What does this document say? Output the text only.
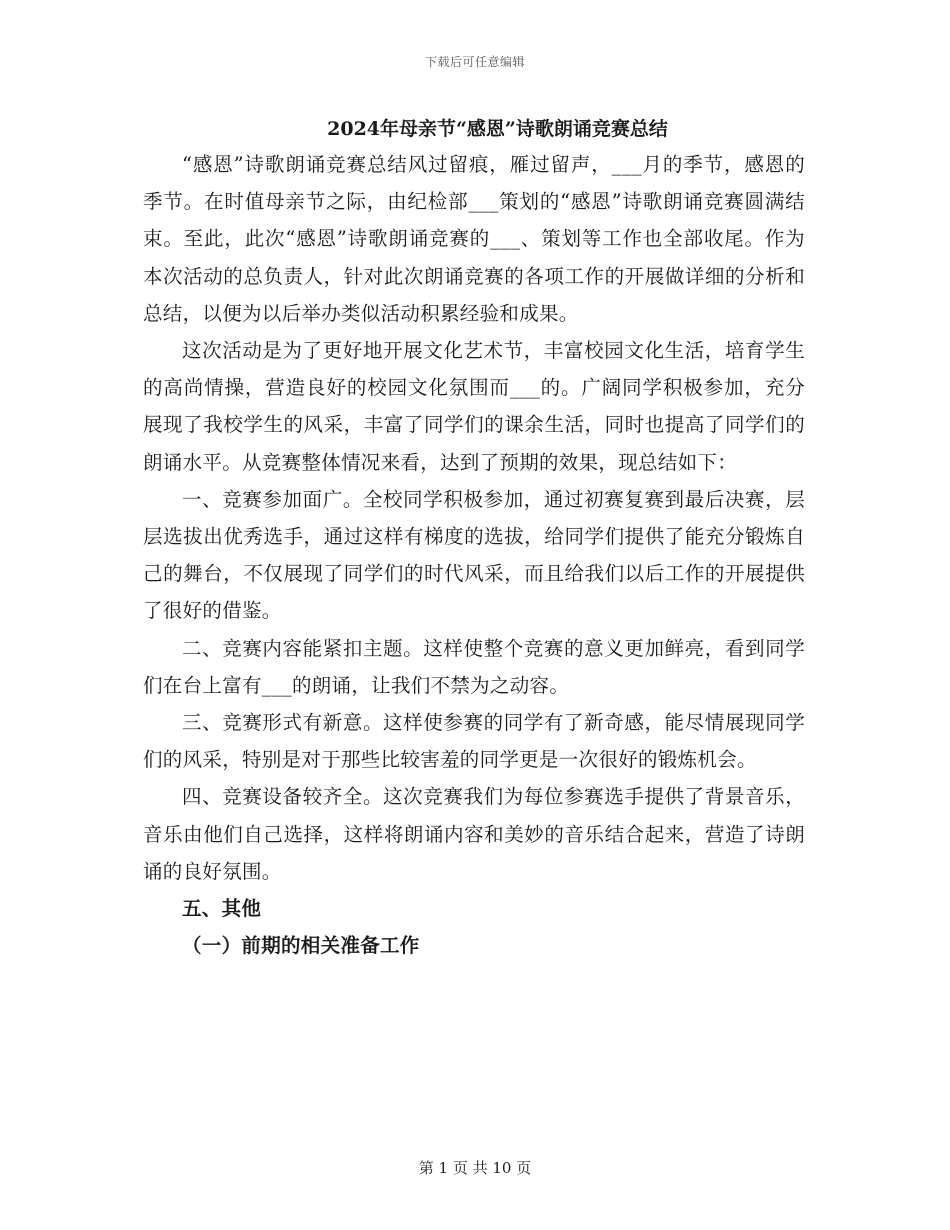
下载后可任意编辑
2024年母亲节“感恩”诗歌朗诵竞赛总结

“感恩”诗歌朗诵竞赛总结风过留痕，雁过留声，___月的季节，感恩的季节。在时值母亲节之际，由纪检部___策划的“感恩”诗歌朗诵竞赛圆满结束。至此，此次“感恩”诗歌朗诵竞赛的___、策划等工作也全部收尾。作为本次活动的总负责人，针对此次朗诵竞赛的各项工作的开展做详细的分析和总结，以便为以后举办类似活动积累经验和成果。

这次活动是为了更好地开展文化艺术节，丰富校园文化生活，培育学生的高尚情操，营造良好的校园文化氛围而___的。广阔同学积极参加，充分展现了我校学生的风采，丰富了同学们的课余生活，同时也提高了同学们的朗诵水平。从竞赛整体情况来看，达到了预期的效果，现总结如下：

一、竞赛参加面广。全校同学积极参加，通过初赛复赛到最后决赛，层层选拔出优秀选手，通过这样有梯度的选拔，给同学们提供了能充分锻炼自己的舞台，不仅展现了同学们的时代风采，而且给我们以后工作的开展提供了很好的借鉴。

二、竞赛内容能紧扣主题。这样使整个竞赛的意义更加鲜亮，看到同学们在台上富有___的朗诵，让我们不禁为之动容。

三、竞赛形式有新意。这样使参赛的同学有了新奇感，能尽情展现同学们的风采，特别是对于那些比较害羞的同学更是一次很好的锻炼机会。

四、竞赛设备较齐全。这次竞赛我们为每位参赛选手提供了背景音乐，音乐由他们自己选择，这样将朗诵内容和美妙的音乐结合起来，营造了诗朗诵的良好氛围。

五、其他

（一）前期的相关准备工作

第 1 页 共 10 页
